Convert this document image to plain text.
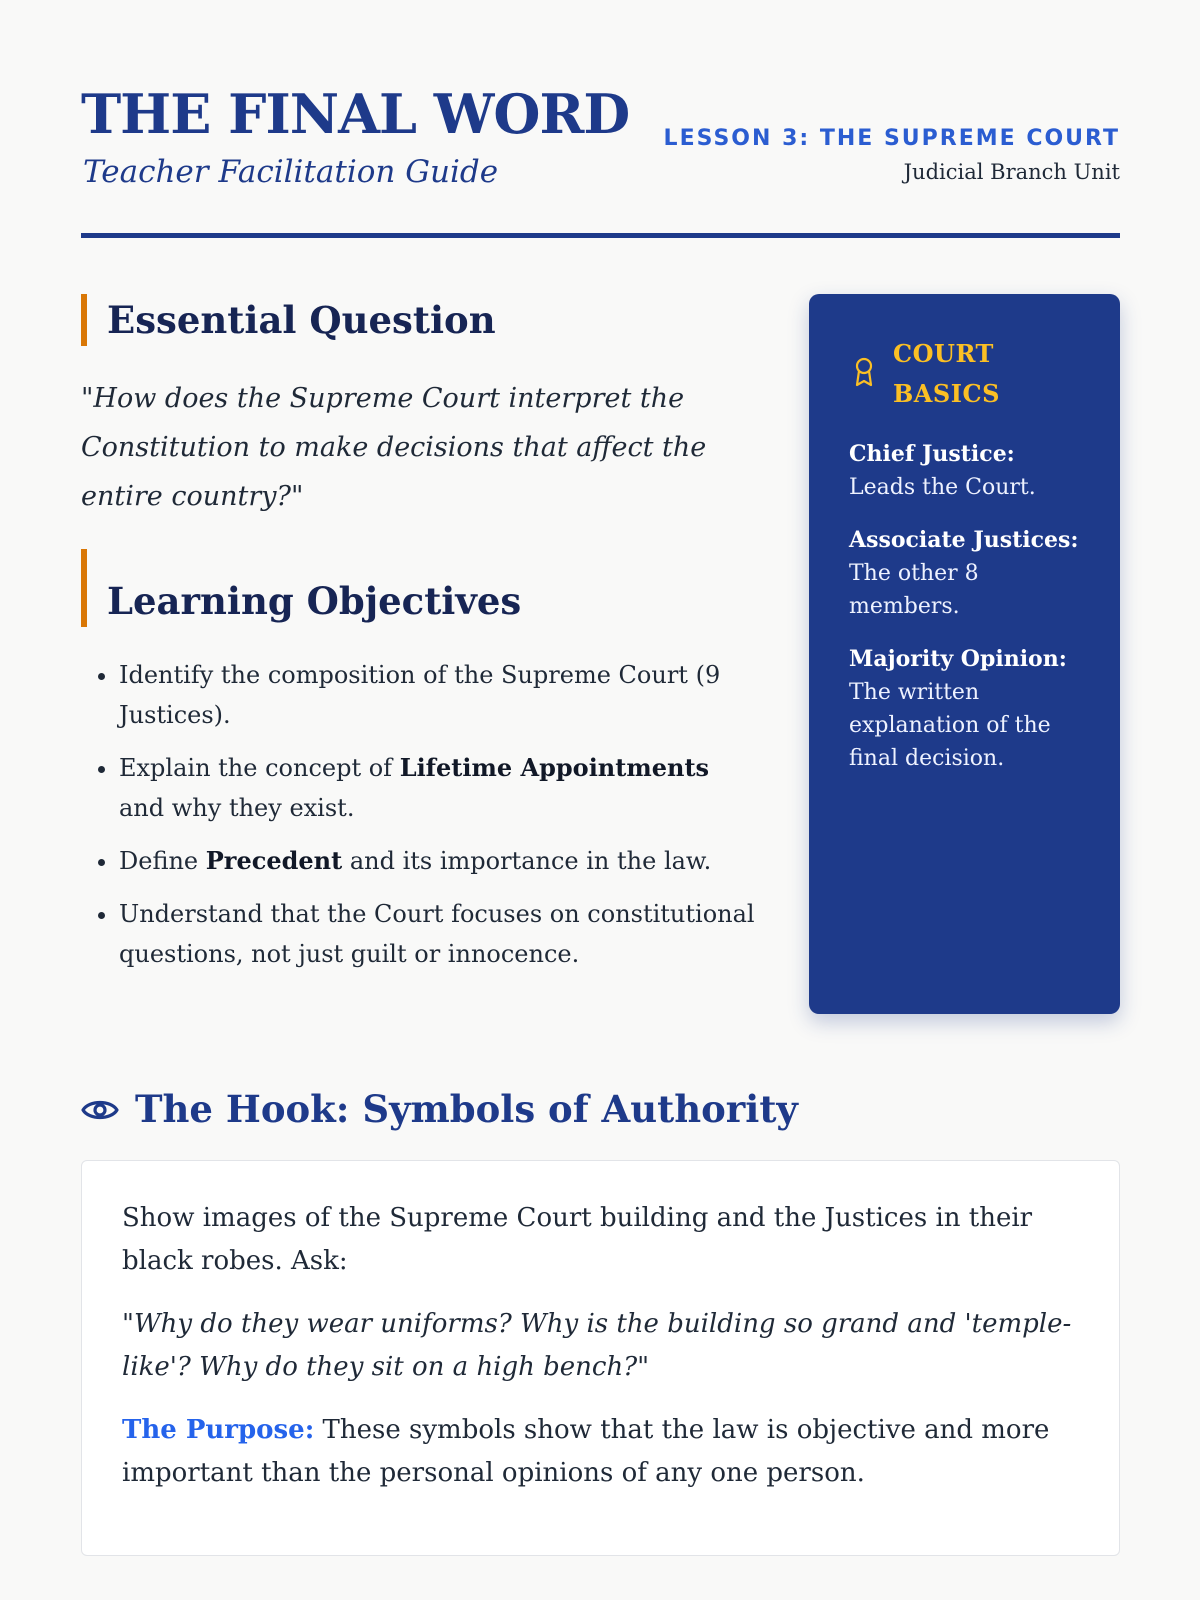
THE FINAL WORD
Teacher Facilitation Guide
LESSON 3: THE SUPREME COURT
Judicial Branch Unit
Essential Question

"How does the Supreme Court interpret the Constitution to make decisions that affect the entire country?"

Learning Objectives
• Identify the composition of the Supreme Court (9 Justices).
• Explain the concept of Lifetime Appointments and why they exist.
• Define Precedent and its importance in the law.
• Understand that the Court focuses on constitutional questions, not just guilt or innocence.
COURT BASICS
Chief Justice: Leads the Court.
Associate Justices: The other 8 members.
Majority Opinion: The written explanation of the final decision.
The Hook: Symbols of Authority

Show images of the Supreme Court building and the Justices in their black robes. Ask:

"Why do they wear uniforms? Why is the building so grand and 'temple-like'? Why do they sit on a high bench?"

The Purpose: These symbols show that the law is objective and more important than the personal opinions of any one person.
